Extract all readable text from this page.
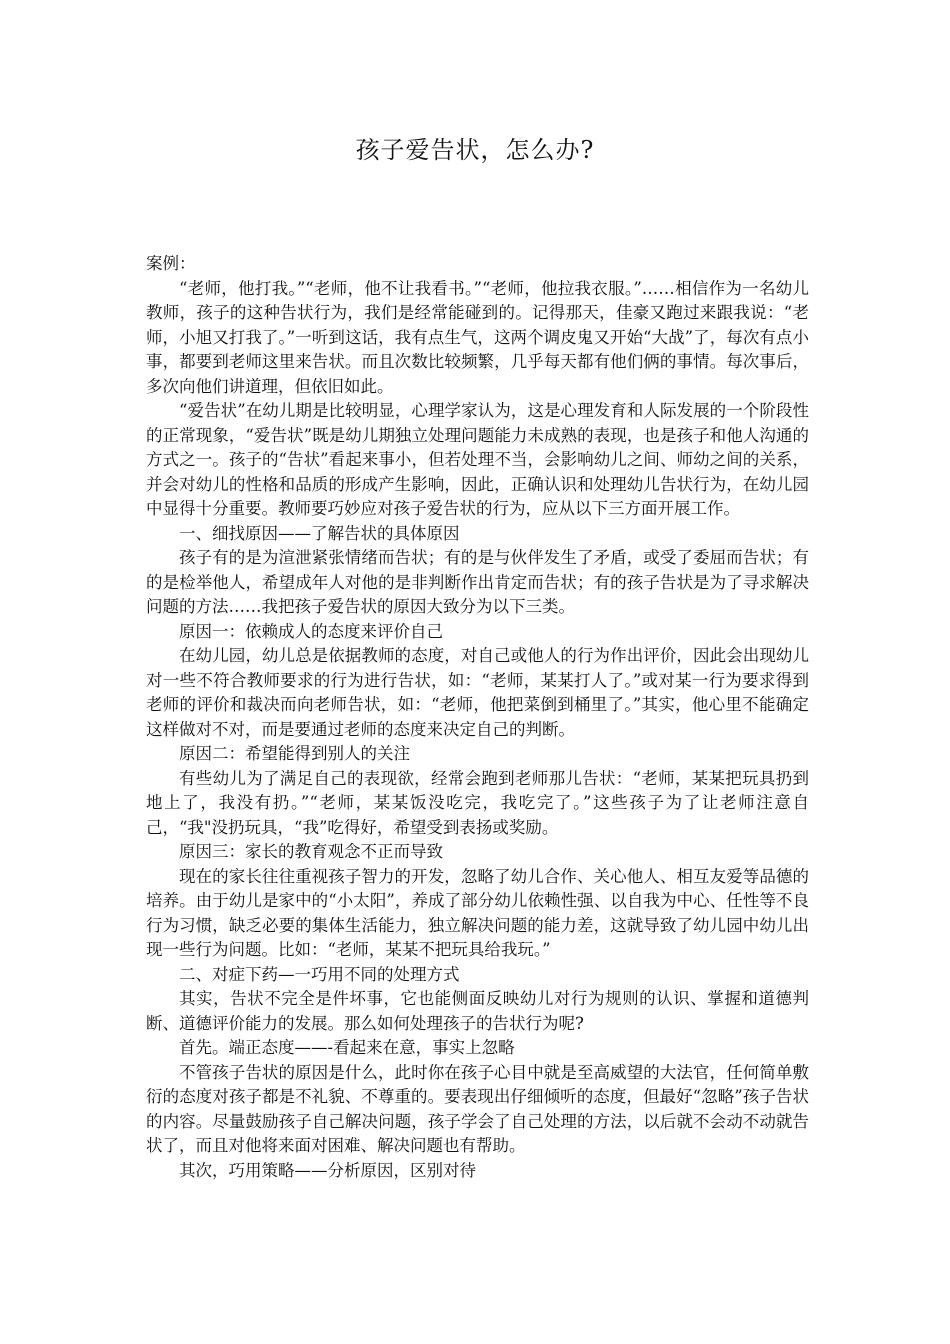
孩子爱告状，怎么办?

案例：

“老师，他打我。”“老师，他不让我看书。”“老师，他拉我衣服。”……相信作为一名幼儿教师，孩子的这种告状行为，我们是经常能碰到的。记得那天，佳豪又跑过来跟我说：“老师，小旭又打我了。”一听到这话，我有点生气，这两个调皮鬼又开始“大战”了，每次有点小事，都要到老师这里来告状。而且次数比较频繁，几乎每天都有他们俩的事情。每次事后，多次向他们讲道理，但依旧如此。

“爱告状”在幼儿期是比较明显，心理学家认为，这是心理发育和人际发展的一个阶段性的正常现象，“爱告状”既是幼儿期独立处理问题能力未成熟的表现，也是孩子和他人沟通的方式之一。孩子的“告状”看起来事小，但若处理不当，会影响幼儿之间、师幼之间的关系，并会对幼儿的性格和品质的形成产生影响，因此，正确认识和处理幼儿告状行为，在幼儿园中显得十分重要。教师要巧妙应对孩子爱告状的行为，应从以下三方面开展工作。

一、细找原因——了解告状的具体原因

孩子有的是为渲泄紧张情绪而告状；有的是与伙伴发生了矛盾，或受了委屈而告状；有的是检举他人，希望成年人对他的是非判断作出肯定而告状；有的孩子告状是为了寻求解决问题的方法……我把孩子爱告状的原因大致分为以下三类。

原因一：依赖成人的态度来评价自己

在幼儿园，幼儿总是依据教师的态度，对自己或他人的行为作出评价，因此会出现幼儿对一些不符合教师要求的行为进行告状，如：“老师，某某打人了。”或对某一行为要求得到老师的评价和裁决而向老师告状，如：“老师，他把菜倒到桶里了。”其实，他心里不能确定这样做对不对，而是要通过老师的态度来决定自己的判断。

原因二：希望能得到别人的关注

有些幼儿为了满足自己的表现欲，经常会跑到老师那儿告状：“老师，某某把玩具扔到地上了，我没有扔。”“老师，某某饭没吃完，我吃完了。”这些孩子为了让老师注意自己，“我"没扔玩具，“我”吃得好，希望受到表扬或奖励。

原因三：家长的教育观念不正而导致

现在的家长往往重视孩子智力的开发，忽略了幼儿合作、关心他人、相互友爱等品德的培养。由于幼儿是家中的“小太阳”，养成了部分幼儿依赖性强、以自我为中心、任性等不良行为习惯，缺乏必要的集体生活能力，独立解决问题的能力差，这就导致了幼儿园中幼儿出现一些行为问题。比如：“老师，某某不把玩具给我玩。”

二、对症下药—一巧用不同的处理方式

其实，告状不完全是件坏事，它也能侧面反映幼儿对行为规则的认识、掌握和道德判断、道德评价能力的发展。那么如何处理孩子的告状行为呢?

首先。端正态度——-看起来在意，事实上忽略

不管孩子告状的原因是什么，此时你在孩子心目中就是至高威望的大法官，任何简单敷衍的态度对孩子都是不礼貌、不尊重的。要表现出仔细倾听的态度，但最好“忽略”孩子告状的内容。尽量鼓励孩子自己解决问题，孩子学会了自己处理的方法，以后就不会动不动就告状了，而且对他将来面对困难、解决问题也有帮助。

其次，巧用策略——分析原因，区别对待
